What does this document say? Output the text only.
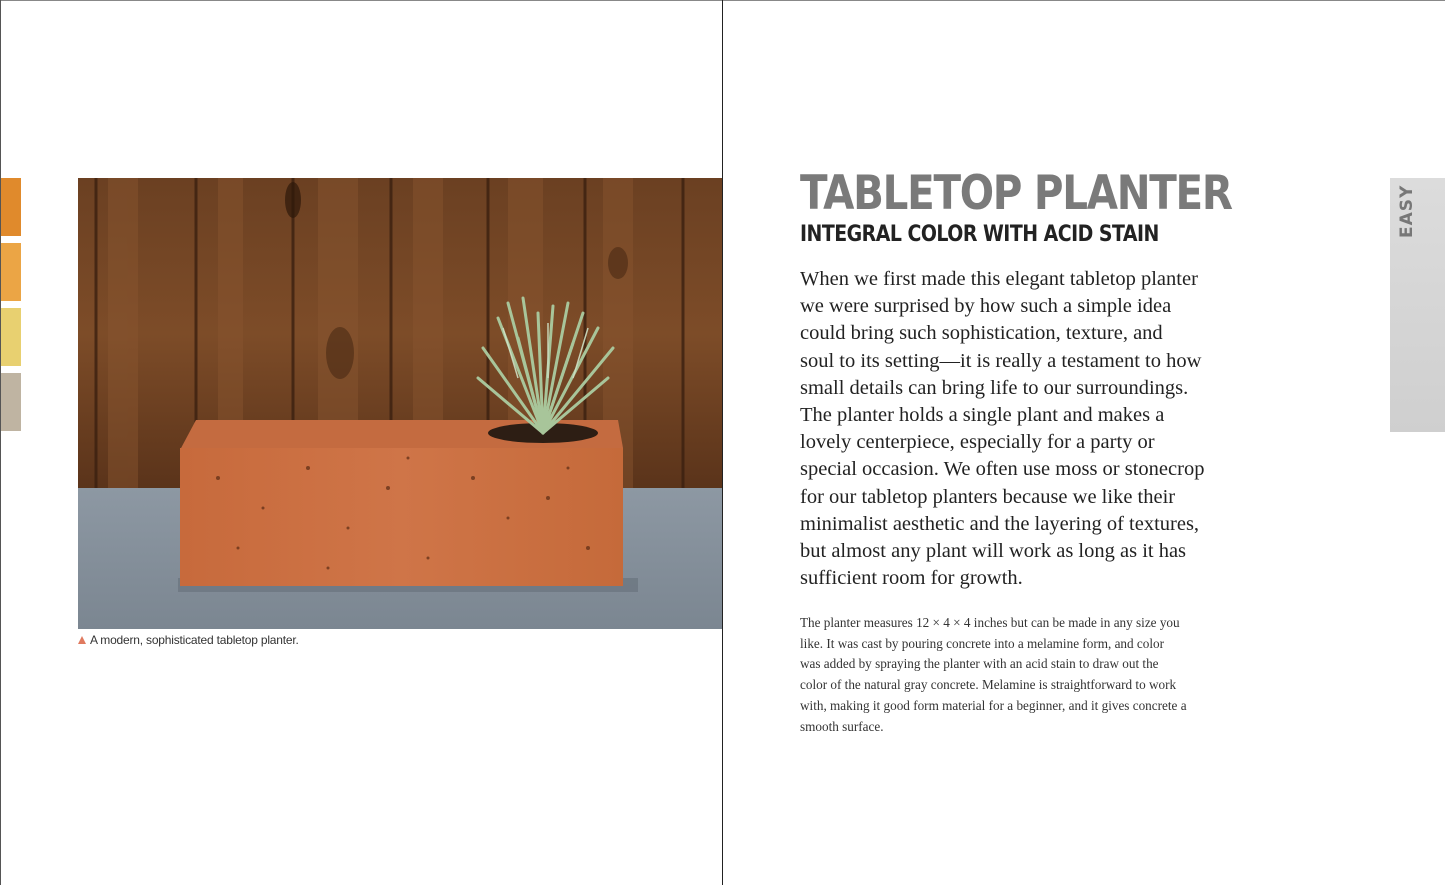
A modern, sophisticated tabletop planter.
TABLETOP PLANTER
INTEGRAL COLOR WITH ACID STAIN
When we first made this elegant tabletop planter
we were surprised by how such a simple idea
could bring such sophistication, texture, and
soul to its setting—it is really a testament to how
small details can bring life to our surroundings.
The planter holds a single plant and makes a
lovely centerpiece, especially for a party or
special occasion. We often use moss or stonecrop
for our tabletop planters because we like their
minimalist aesthetic and the layering of textures,
but almost any plant will work as long as it has
sufficient room for growth.
The planter measures 12 × 4 × 4 inches but can be made in any size you
like. It was cast by pouring concrete into a melamine form, and color
was added by spraying the planter with an acid stain to draw out the
color of the natural gray concrete. Melamine is straightforward to work
with, making it good form material for a beginner, and it gives concrete a
smooth surface.
EASY
